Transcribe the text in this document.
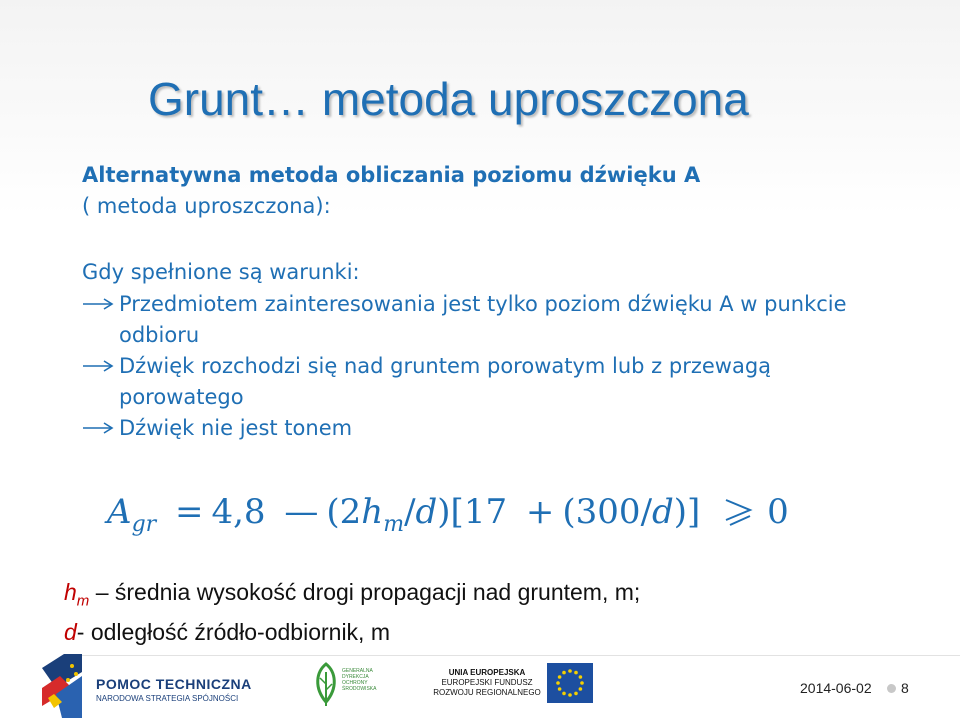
Grunt… metoda uproszczona
Alternatywna metoda obliczania poziomu dźwięku A
( metoda uproszczona):
Gdy spełnione są warunki:
Przedmiotem zainteresowania jest tylko poziom dźwięku A w punkcie odbioru
Dźwięk rozchodzi się nad gruntem porowatym lub z przewagą porowatego
Dźwięk nie jest tonem
$A_{gr} = 4,8$ — $(2h_m/d)[17 + (300/d)]$ 0
$h_m$ – średnia wysokość drogi propagacji nad gruntem, m;
d- odległość źródło-odbiornik, m
POMOC TECHNICZNA
NARODOWA STRATEGIA SPÓJNOŚCI
GENERALNA DYREKCJA OCHRONY ŚRODOWISKA
UNIA EUROPEJSKA
EUROPEJSKI FUNDUSZ
ROZWOJU REGIONALNEGO	2014-06-02 8
